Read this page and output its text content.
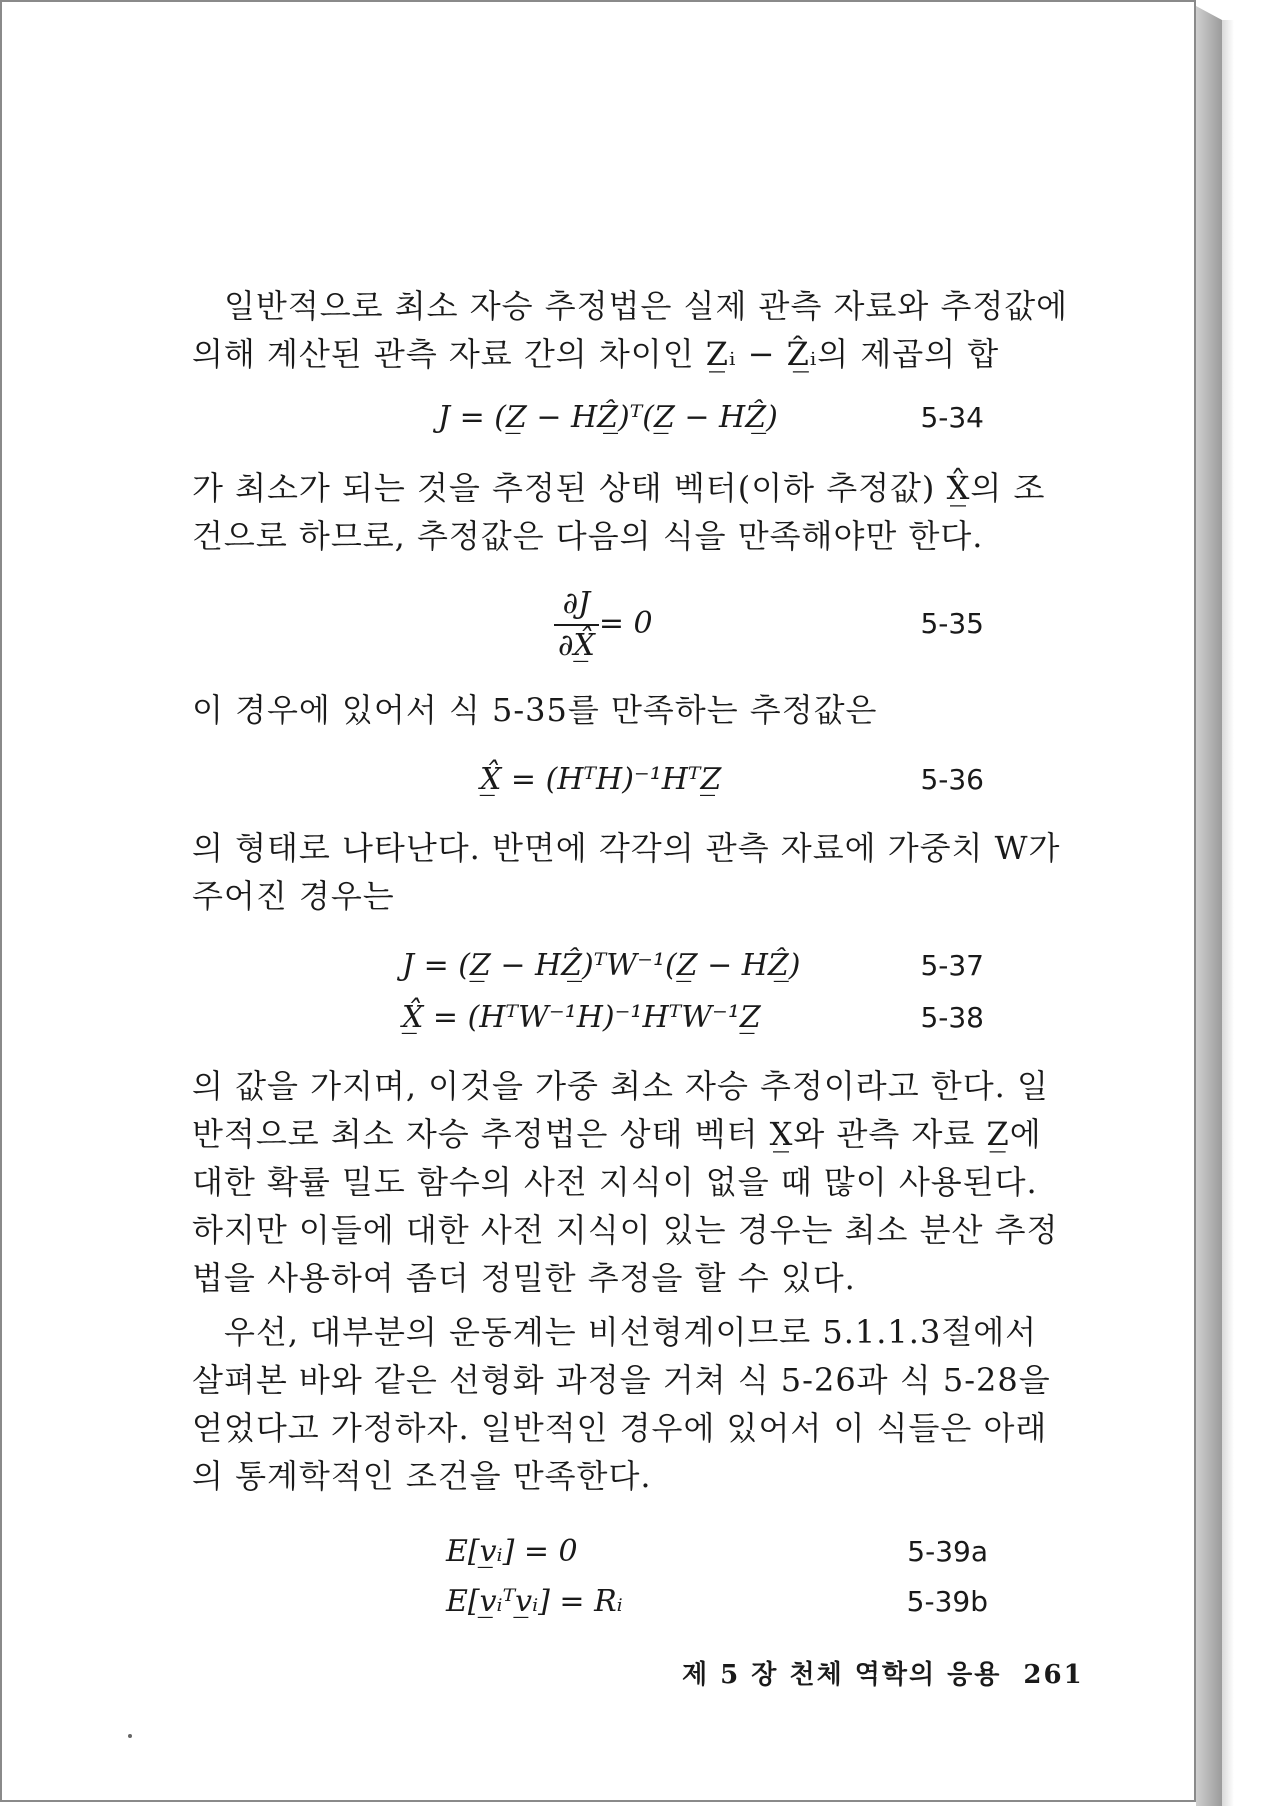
일반적으로 최소 자승 추정법은 실제 관측 자료와 추정값에 의해 계산된 관측 자료 간의 차이인 Z̲ᵢ − Ẑ̲ᵢ의 제곱의 합
J = (Z̲ − HẐ̲)ᵀ(Z̲ − HẐ̲)	5-34
가 최소가 되는 것을 추정된 상태 벡터(이하 추정값) X̲̂의 조건으로 하므로, 추정값은 다음의 식을 만족해야만 한다.
$\frac{\partial J}{\partial X̲̂} = 0$	5-35
이 경우에 있어서 식 5-35를 만족하는 추정값은
X̲̂ = (HᵀH)⁻¹HᵀZ̲	5-36
의 형태로 나타난다. 반면에 각각의 관측 자료에 가중치 W가 주어진 경우는
J = (Z̲ − HẐ̲)ᵀW⁻¹(Z̲ − HẐ̲)	5-37
X̲̂ = (HᵀW⁻¹H)⁻¹HᵀW⁻¹Z̲	5-38
의 값을 가지며, 이것을 가중 최소 자승 추정이라고 한다. 일반적으로 최소 자승 추정법은 상태 벡터 X̲와 관측 자료 Z̲에 대한 확률 밀도 함수의 사전 지식이 없을 때 많이 사용된다. 하지만 이들에 대한 사전 지식이 있는 경우는 최소 분산 추정법을 사용하여 좀더 정밀한 추정을 할 수 있다.
우선, 대부분의 운동계는 비선형계이므로 5.1.1.3절에서 살펴본 바와 같은 선형화 과정을 거쳐 식 5-26과 식 5-28을 얻었다고 가정하자. 일반적인 경우에 있어서 이 식들은 아래의 통계학적인 조건을 만족한다.
E[v̲ᵢ] = 0	5-39a
E[v̲ᵢᵀv̲ᵢ] = Rᵢ	5-39b
제 5 장 천체 역학의 응용 261
